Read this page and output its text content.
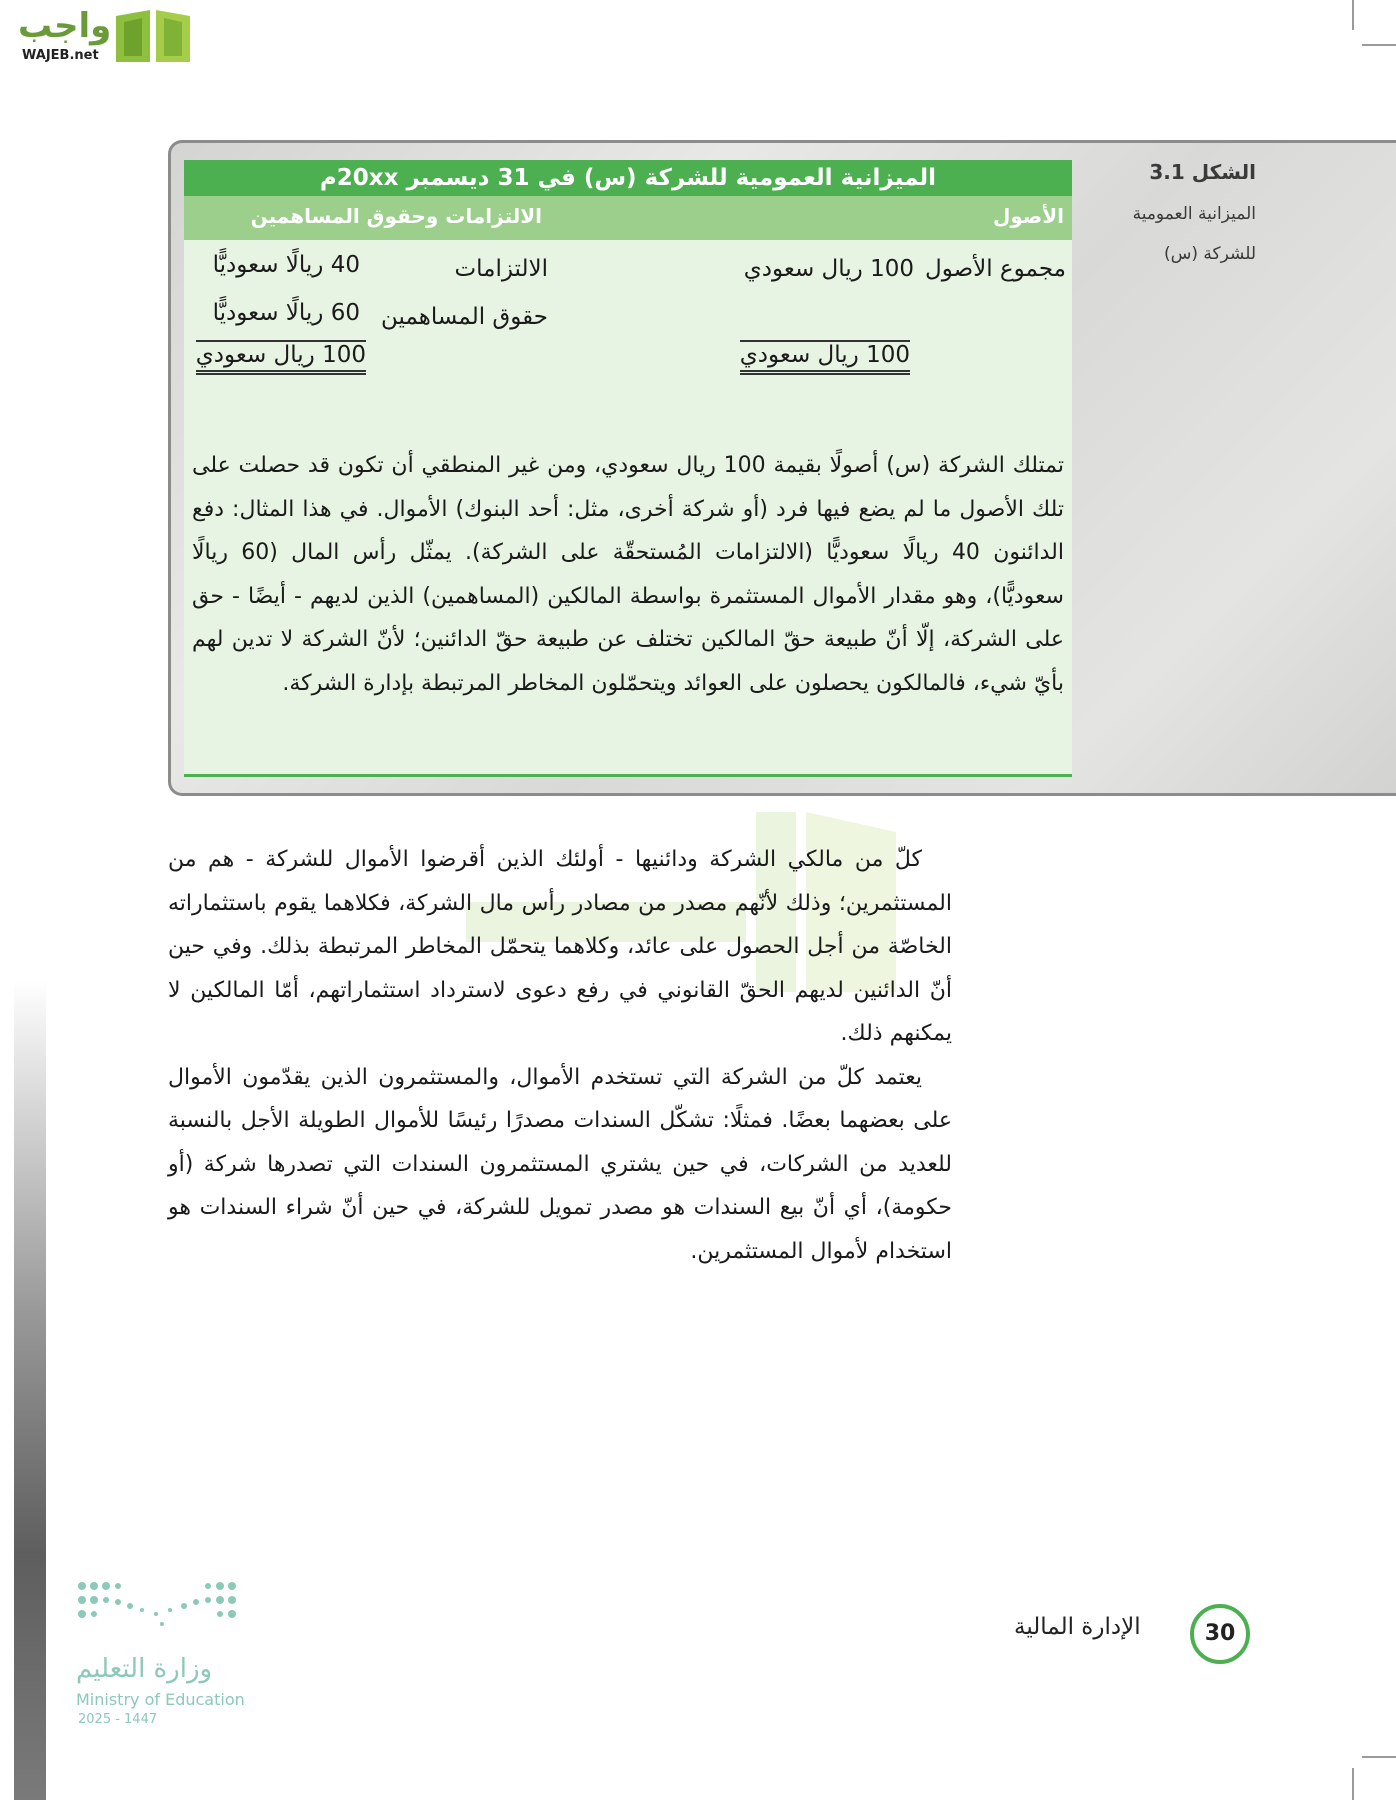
واجب
WAJEB.net
الشكل 3.1
الميزانية العمومية للشركة (س)
الميزانية العمومية للشركة (س) في 31 ديسمبر 20xxم
الأصول
الالتزامات وحقوق المساهمين
مجموع الأصول
100 ريال سعودي
100 ريال سعودي
الالتزامات
40 ريالًا سعوديًّا
حقوق المساهمين
60 ريالًا سعوديًّا
100 ريال سعودي
تمتلك الشركة (س) أصولًا بقيمة 100 ريال سعودي، ومن غير المنطقي أن تكون قد حصلت على تلك الأصول ما لم يضع فيها فرد (أو شركة أخرى، مثل: أحد البنوك) الأموال. في هذا المثال: دفع الدائنون 40 ريالًا سعوديًّا (الالتزامات المُستحقّة على الشركة). يمثّل رأس المال (60 ريالًا سعوديًّا)، وهو مقدار الأموال المستثمرة بواسطة المالكين (المساهمين) الذين لديهم - أيضًا - حق على الشركة، إلّا أنّ طبيعة حقّ المالكين تختلف عن طبيعة حقّ الدائنين؛ لأنّ الشركة لا تدين لهم بأيّ شيء، فالمالكون يحصلون على العوائد ويتحمّلون المخاطر المرتبطة بإدارة الشركة.

كلّ من مالكي الشركة ودائنيها - أولئك الذين أقرضوا الأموال للشركة - هم من المستثمرين؛ وذلك لأنّهم مصدر من مصادر رأس مال الشركة، فكلاهما يقوم باستثماراته الخاصّة من أجل الحصول على عائد، وكلاهما يتحمّل المخاطر المرتبطة بذلك. وفي حين أنّ الدائنين لديهم الحقّ القانوني في رفع دعوى لاسترداد استثماراتهم، أمّا المالكين لا يمكنهم ذلك.

يعتمد كلّ من الشركة التي تستخدم الأموال، والمستثمرون الذين يقدّمون الأموال على بعضهما بعضًا. فمثلًا: تشكّل السندات مصدرًا رئيسًا للأموال الطويلة الأجل بالنسبة للعديد من الشركات، في حين يشتري المستثمرون السندات التي تصدرها شركة (أو حكومة)، أي أنّ بيع السندات هو مصدر تمويل للشركة، في حين أنّ شراء السندات هو استخدام لأموال المستثمرين.

30
الإدارة المالية
وزارة التعليم
Ministry of Education
2025 - 1447
